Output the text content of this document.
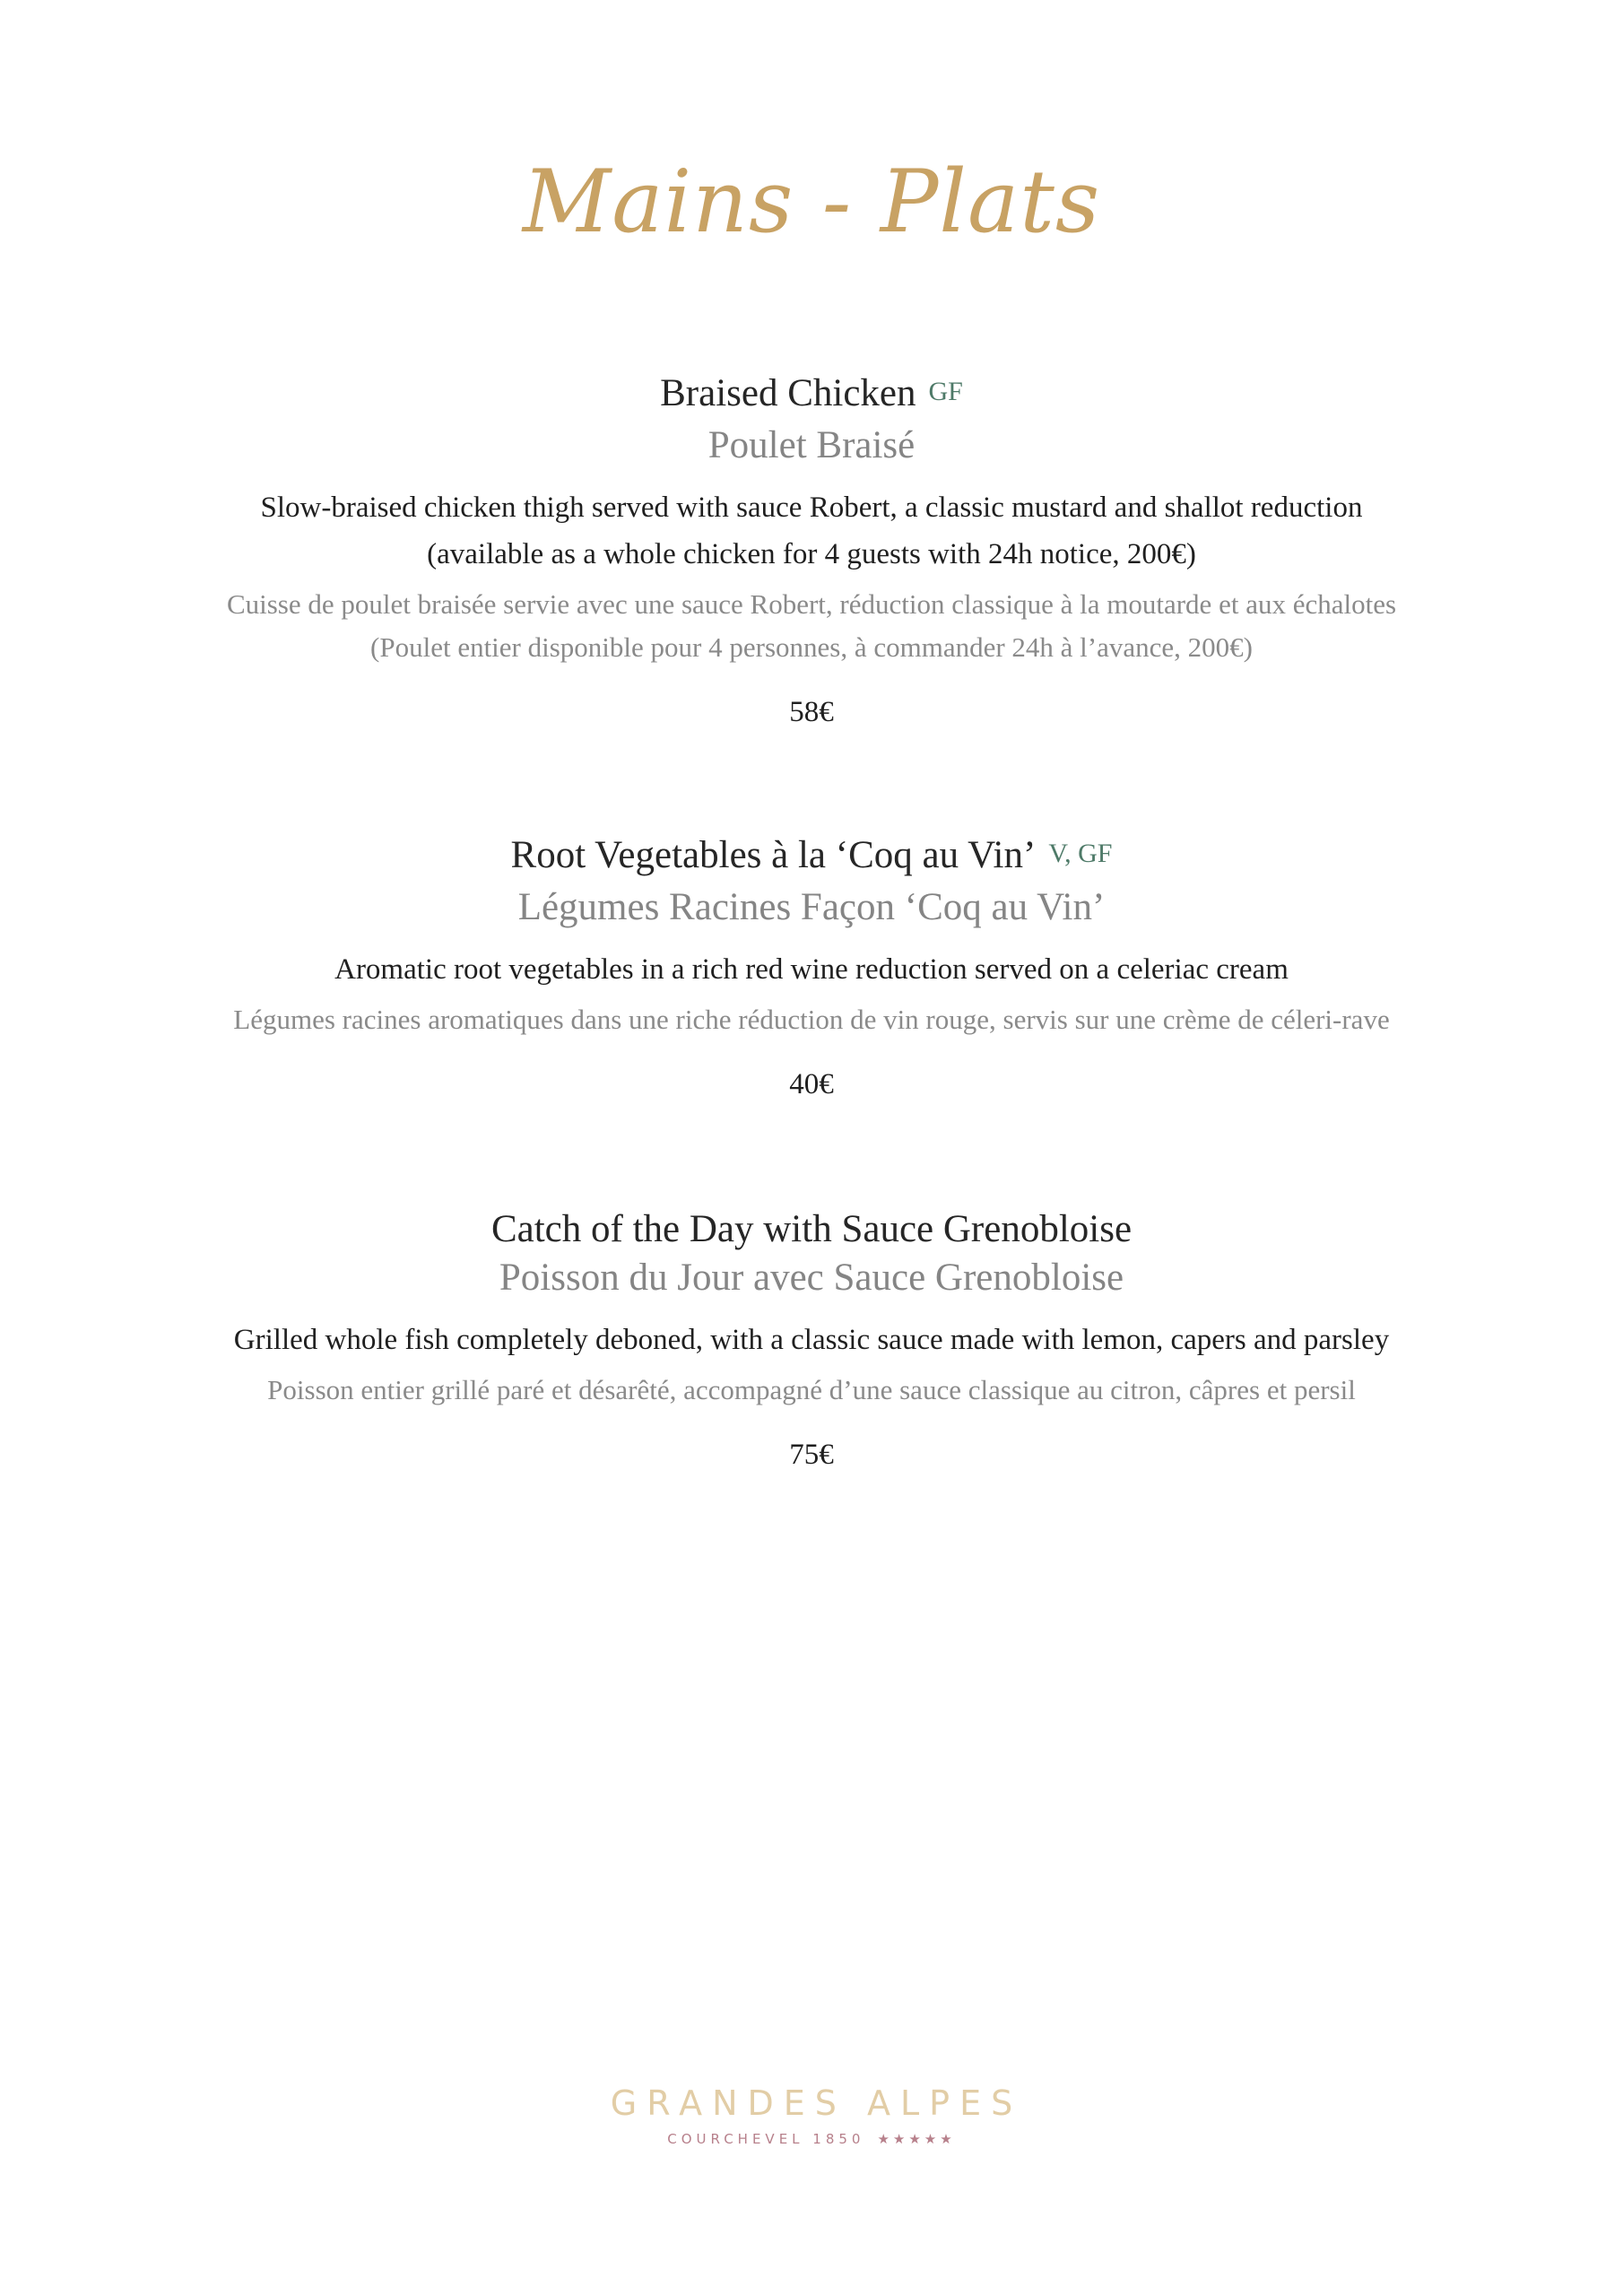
Mains - Plats
Braised Chicken GF
Poulet Braisé
Slow-braised chicken thigh served with sauce Robert, a classic mustard and shallot reduction
(available as a whole chicken for 4 guests with 24h notice, 200€)
Cuisse de poulet braisée servie avec une sauce Robert, réduction classique à la moutarde et aux échalotes
(Poulet entier disponible pour 4 personnes, à commander 24h à l’avance, 200€)
58€
Root Vegetables à la ‘Coq au Vin’ V, GF
Légumes Racines Façon ‘Coq au Vin’
Aromatic root vegetables in a rich red wine reduction served on a celeriac cream
Légumes racines aromatiques dans une riche réduction de vin rouge, servis sur une crème de céleri-rave
40€
Catch of the Day with Sauce Grenobloise
Poisson du Jour avec Sauce Grenobloise
Grilled whole fish completely deboned, with a classic sauce made with lemon, capers and parsley
Poisson entier grillé paré et désarêté, accompagné d’une sauce classique au citron, câpres et persil
75€
GRANDES ALPES
COURCHEVEL 1850 ★★★★★
